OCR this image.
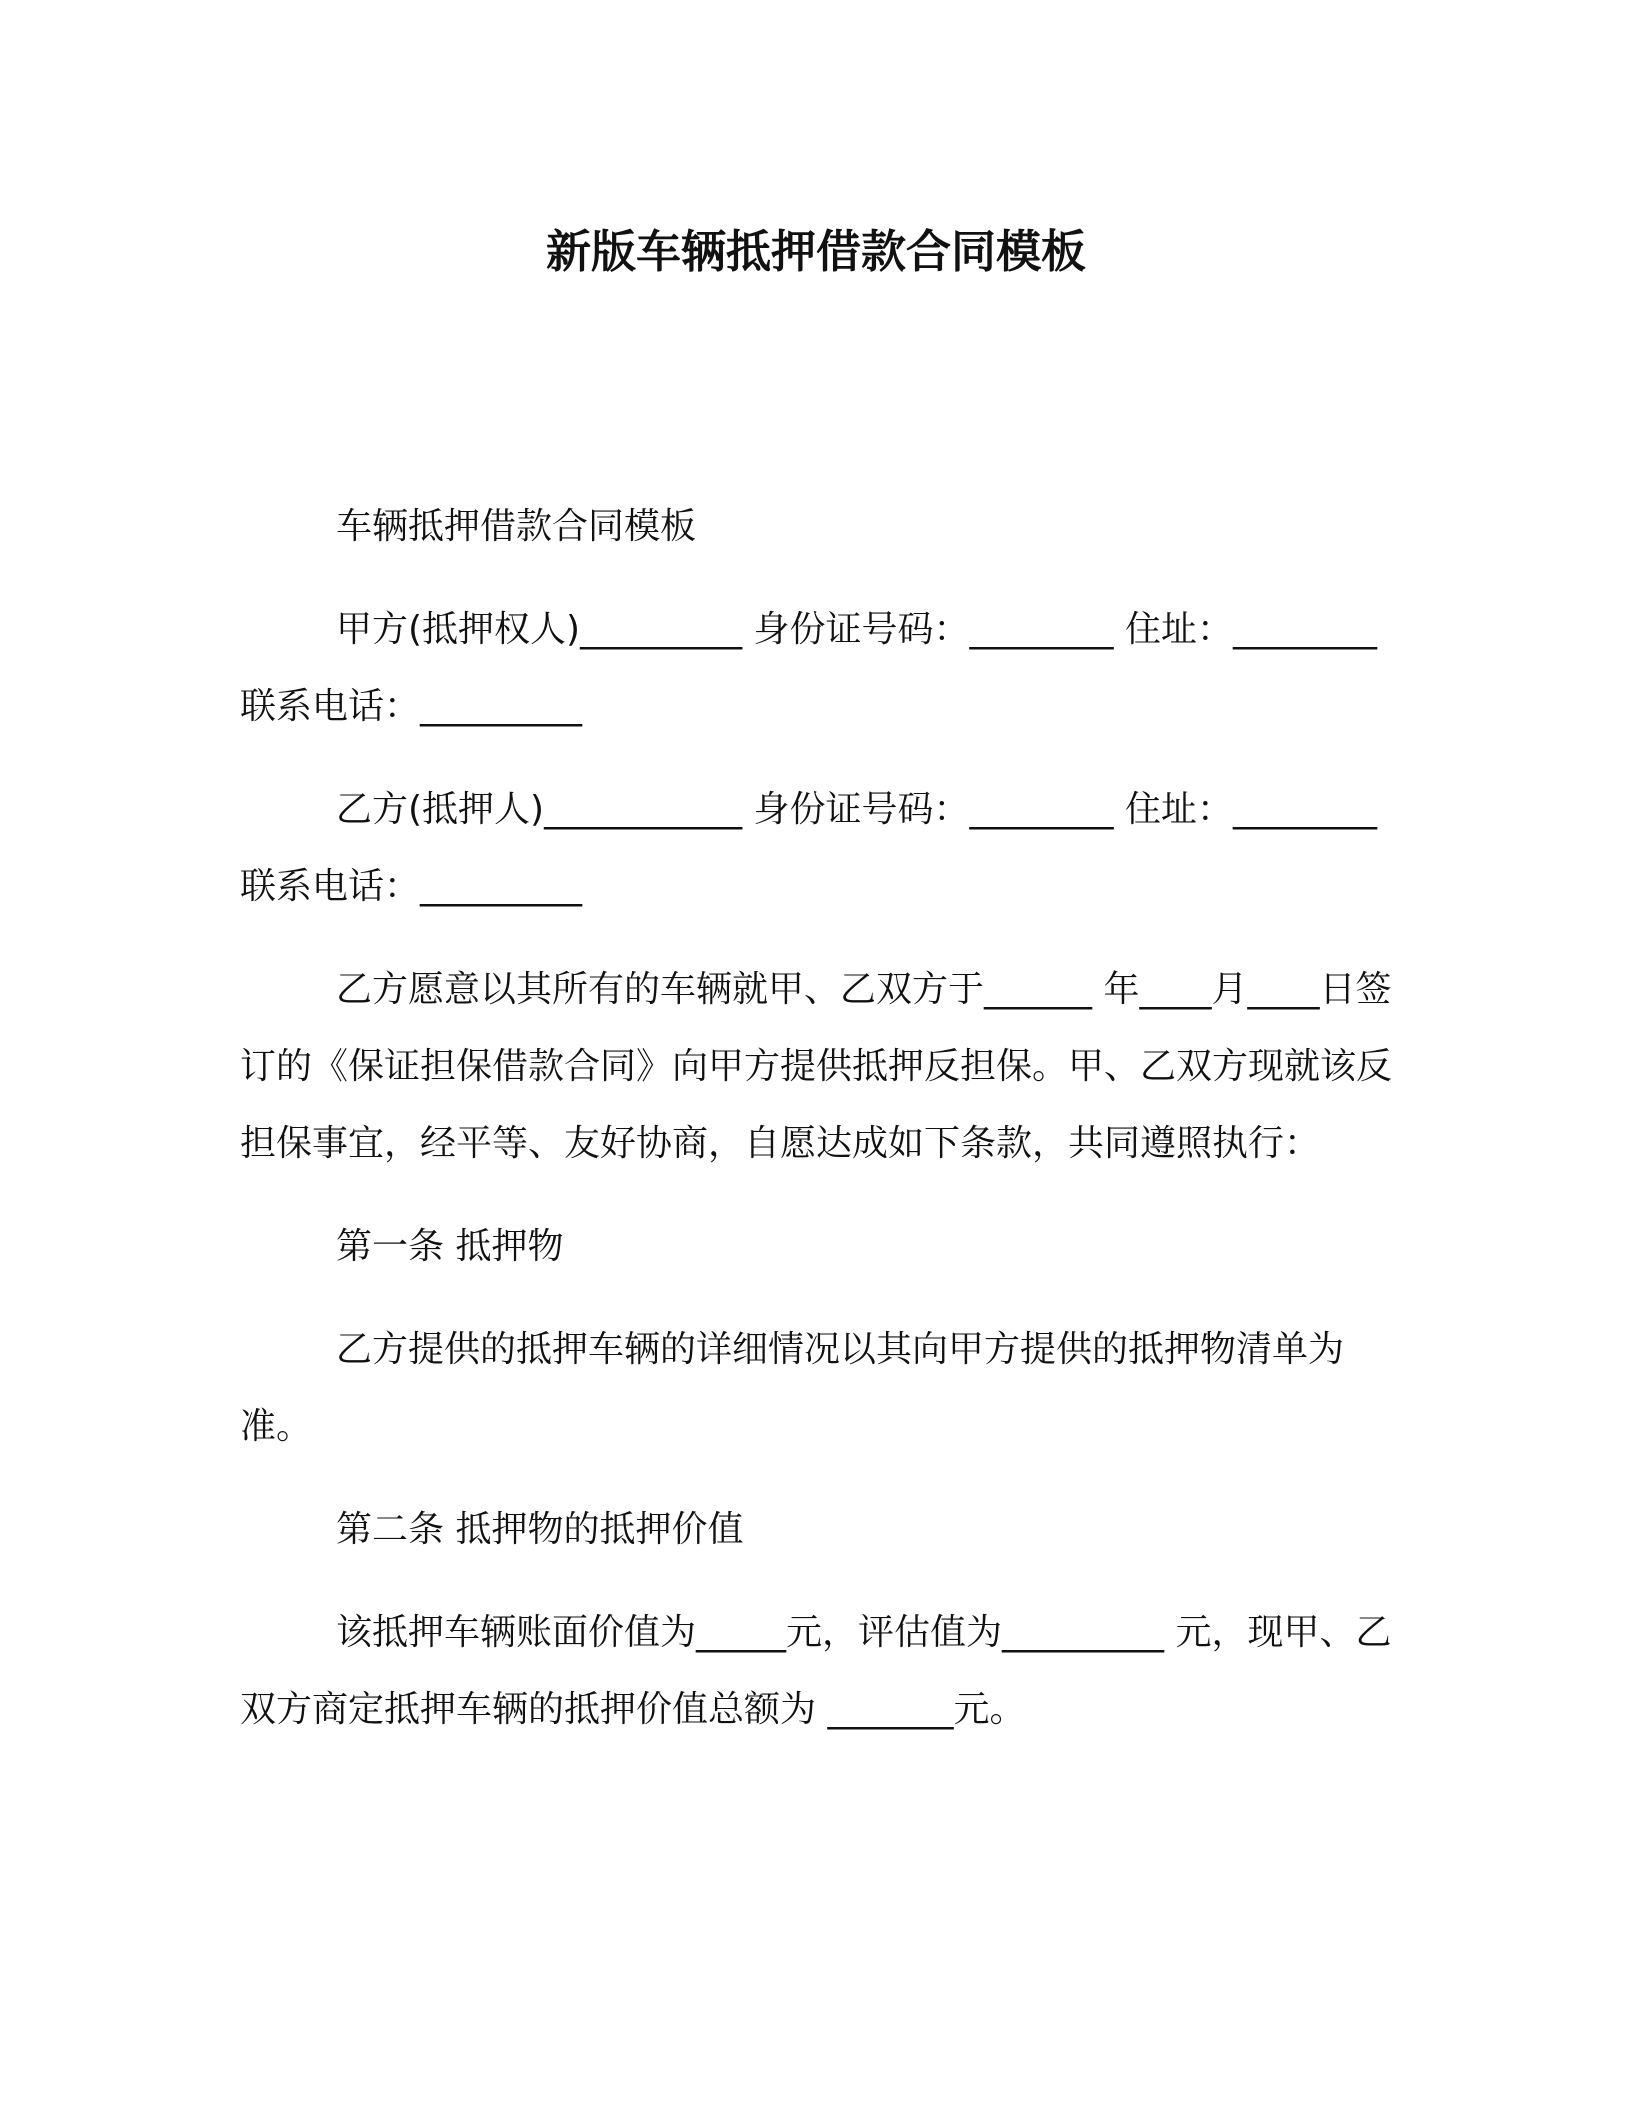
新版车辆抵押借款合同模板

车辆抵押借款合同模板

甲方(抵押权人)_________ 身份证号码：________ 住址：________ 联系电话：_________

乙方(抵押人)___________ 身份证号码：________ 住址：________ 联系电话：_________

乙方愿意以其所有的车辆就甲、乙双方于______ 年____月____日签订的《保证担保借款合同》向甲方提供抵押反担保。甲、乙双方现就该反担保事宜，经平等、友好协商，自愿达成如下条款，共同遵照执行：

第一条 抵押物

乙方提供的抵押车辆的详细情况以其向甲方提供的抵押物清单为准。

第二条 抵押物的抵押价值

该抵押车辆账面价值为_____元，评估值为_________ 元，现甲、乙双方商定抵押车辆的抵押价值总额为 _______元。
